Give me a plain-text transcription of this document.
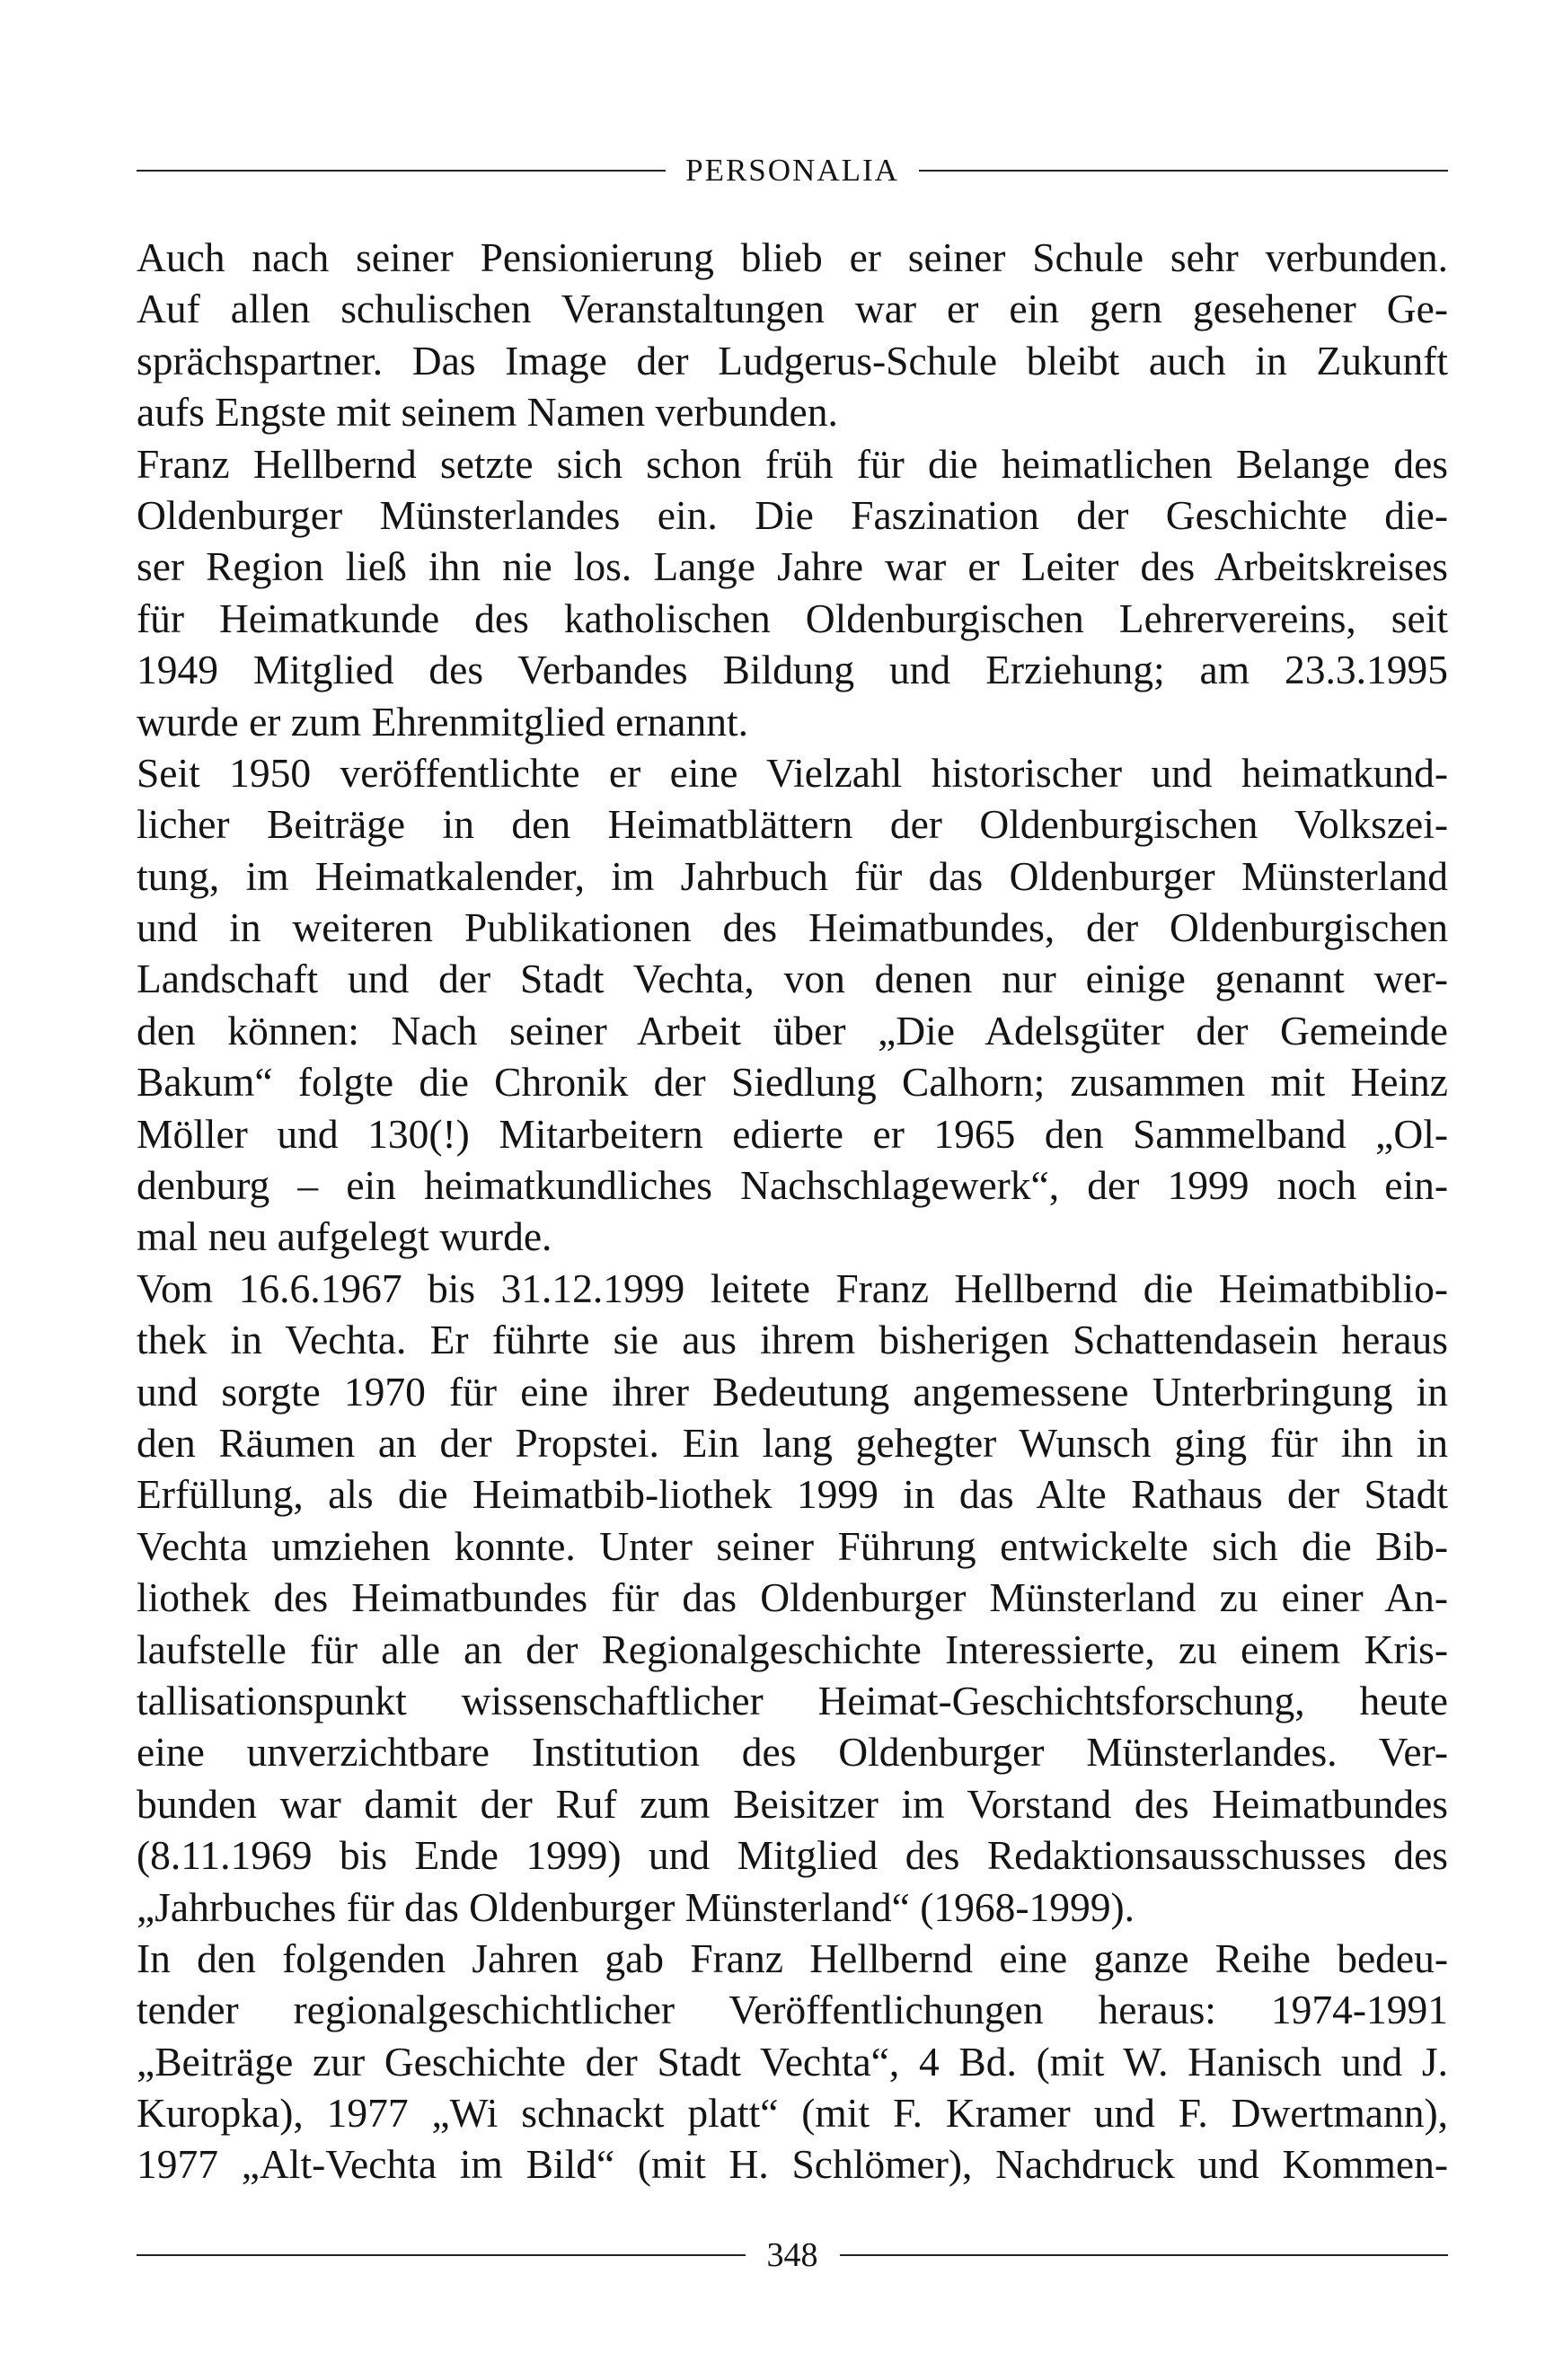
PERSONALIA
Auch nach seiner Pensionierung blieb er seiner Schule sehr verbunden.
Auf allen schulischen Veranstaltungen war er ein gern gesehener Ge-
sprächspartner. Das Image der Ludgerus-Schule bleibt auch in Zukunft
aufs Engste mit seinem Namen verbunden.
Franz Hellbernd setzte sich schon früh für die heimatlichen Belange des
Oldenburger Münsterlandes ein. Die Faszination der Geschichte die-
ser Region ließ ihn nie los. Lange Jahre war er Leiter des Arbeitskreises
für Heimatkunde des katholischen Oldenburgischen Lehrervereins, seit
1949 Mitglied des Verbandes Bildung und Erziehung; am 23.3.1995
wurde er zum Ehrenmitglied ernannt.
Seit 1950 veröffentlichte er eine Vielzahl historischer und heimatkund-
licher Beiträge in den Heimatblättern der Oldenburgischen Volkszei-
tung, im Heimatkalender, im Jahrbuch für das Oldenburger Münsterland
und in weiteren Publikationen des Heimatbundes, der Oldenburgischen
Landschaft und der Stadt Vechta, von denen nur einige genannt wer-
den können: Nach seiner Arbeit über „Die Adelsgüter der Gemeinde
Bakum“ folgte die Chronik der Siedlung Calhorn; zusammen mit Heinz
Möller und 130(!) Mitarbeitern edierte er 1965 den Sammelband „Ol-
denburg – ein heimatkundliches Nachschlagewerk“, der 1999 noch ein-
mal neu aufgelegt wurde.
Vom 16.6.1967 bis 31.12.1999 leitete Franz Hellbernd die Heimatbiblio-
thek in Vechta. Er führte sie aus ihrem bisherigen Schattendasein heraus
und sorgte 1970 für eine ihrer Bedeutung angemessene Unterbringung in
den Räumen an der Propstei. Ein lang gehegter Wunsch ging für ihn in
Erfüllung, als die Heimatbib-liothek 1999 in das Alte Rathaus der Stadt
Vechta umziehen konnte. Unter seiner Führung entwickelte sich die Bib-
liothek des Heimatbundes für das Oldenburger Münsterland zu einer An-
laufstelle für alle an der Regionalgeschichte Interessierte, zu einem Kris-
tallisationspunkt wissenschaftlicher Heimat-Geschichtsforschung, heute
eine unverzichtbare Institution des Oldenburger Münsterlandes. Ver-
bunden war damit der Ruf zum Beisitzer im Vorstand des Heimatbundes
(8.11.1969 bis Ende 1999) und Mitglied des Redaktionsausschusses des
„Jahrbuches für das Oldenburger Münsterland“ (1968-1999).
In den folgenden Jahren gab Franz Hellbernd eine ganze Reihe bedeu-
tender regionalgeschichtlicher Veröffentlichungen heraus: 1974-1991
„Beiträge zur Geschichte der Stadt Vechta“, 4 Bd. (mit W. Hanisch und J.
Kuropka), 1977 „Wi schnackt platt“ (mit F. Kramer und F. Dwertmann),
1977 „Alt-Vechta im Bild“ (mit H. Schlömer), Nachdruck und Kommen-
348
